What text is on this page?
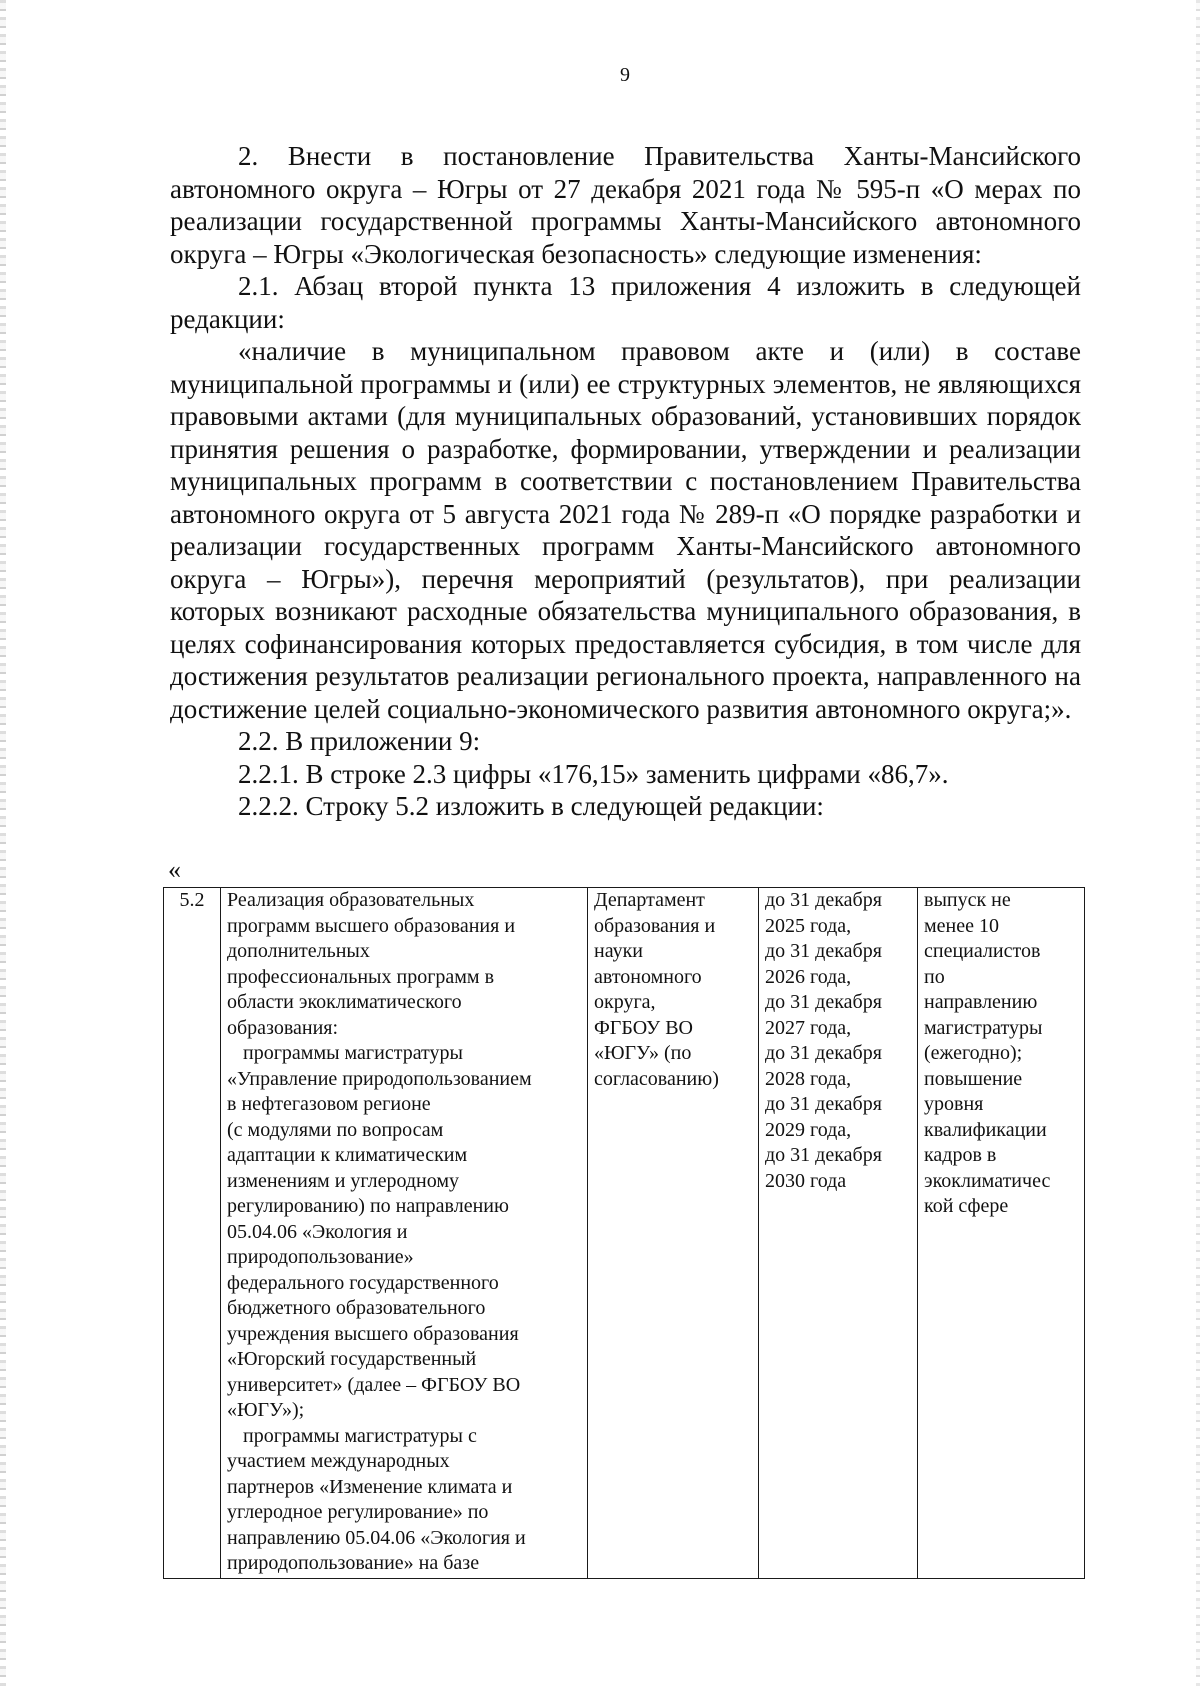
9

2. Внести в постановление Правительства Ханты-Мансийского автономного округа – Югры от 27 декабря 2021 года № 595-п «О мерах по реализации государственной программы Ханты-Мансийского автономного округа – Югры «Экологическая безопасность» следующие изменения:

2.1. Абзац второй пункта 13 приложения 4 изложить в следующей редакции:

«наличие в муниципальном правовом акте и (или) в составе муниципальной программы и (или) ее структурных элементов, не являющихся правовыми актами (для муниципальных образований, установивших порядок принятия решения о разработке, формировании, утверждении и реализации муниципальных программ в соответствии с постановлением Правительства автономного округа от 5 августа 2021 года № 289-п «О порядке разработки и реализации государственных программ Ханты-Мансийского автономного округа – Югры»), перечня мероприятий (результатов), при реализации которых возникают расходные обязательства муниципального образования, в целях софинансирования которых предоставляется субсидия, в том числе для достижения результатов реализации регионального проекта, направленного на достижение целей социально-экономического развития автономного округа;».

2.2. В приложении 9:

2.2.1. В строке 2.3 цифры «176,15» заменить цифрами «86,7».

2.2.2. Строку 5.2 изложить в следующей редакции:

«
5.2	Реализация образовательных
программ высшего образования и
дополнительных
профессиональных программ в
области экоклиматического
образования:
программы магистратуры
«Управление природопользованием
в нефтегазовом регионе
(с модулями по вопросам
адаптации к климатическим
изменениям и углеродному
регулированию) по направлению
05.04.06 «Экология и
природопользование»
федерального государственного
бюджетного образовательного
учреждения высшего образования
«Югорский государственный
университет» (далее – ФГБОУ ВО
«ЮГУ»);
программы магистратуры с
участием международных
партнеров «Изменение климата и
углеродное регулирование» по
направлению 05.04.06 «Экология и
природопользование» на базе

Департамент
образования и
науки
автономного
округа,
ФГБОУ ВО
«ЮГУ» (по
согласованию)

до 31 декабря
2025 года,
до 31 декабря
2026 года,
до 31 декабря
2027 года,
до 31 декабря
2028 года,
до 31 декабря
2029 года,
до 31 декабря
2030 года

выпуск не
менее 10
специалистов
по
направлению
магистратуры
(ежегодно);
повышение
уровня
квалификации
кадров в
экоклиматичес
кой сфере
